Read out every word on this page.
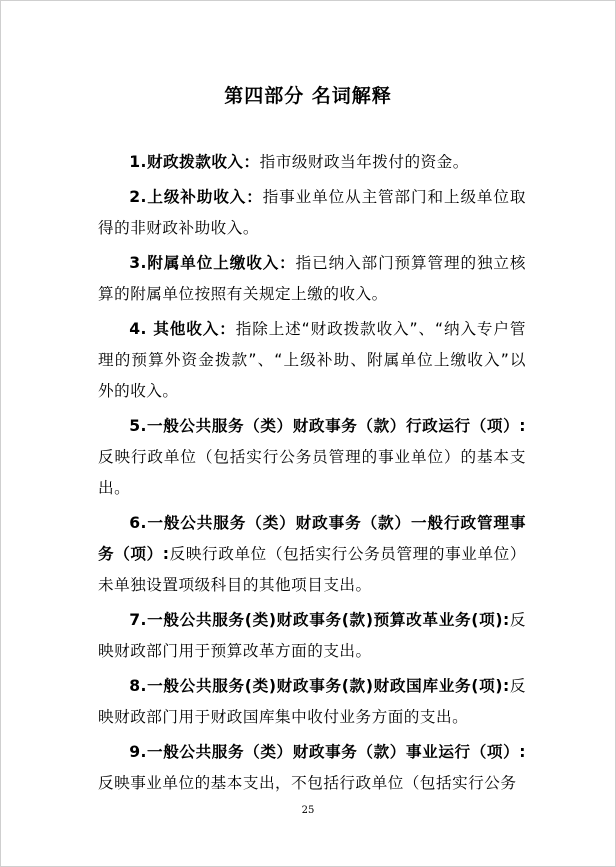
第四部分 名词解释

1.财政拨款收入：指市级财政当年拨付的资金。

2.上级补助收入：指事业单位从主管部门和上级单位取得的非财政补助收入。

3.附属单位上缴收入：指已纳入部门预算管理的独立核算的附属单位按照有关规定上缴的收入。

4. 其他收入：指除上述“财政拨款收入”、“纳入专户管理的预算外资金拨款”、“上级补助、附属单位上缴收入”以外的收入。

5.一般公共服务（类）财政事务（款）行政运行（项）:反映行政单位（包括实行公务员管理的事业单位）的基本支出。

6.一般公共服务（类）财政事务（款）一般行政管理事务（项）:反映行政单位（包括实行公务员管理的事业单位）未单独设置项级科目的其他项目支出。

7.一般公共服务(类)财政事务(款)预算改革业务(项):反映财政部门用于预算改革方面的支出。

8.一般公共服务(类)财政事务(款)财政国库业务(项):反映财政部门用于财政国库集中收付业务方面的支出。

9.一般公共服务（类）财政事务（款）事业运行（项）:反映事业单位的基本支出，不包括行政单位（包括实行公务

25
